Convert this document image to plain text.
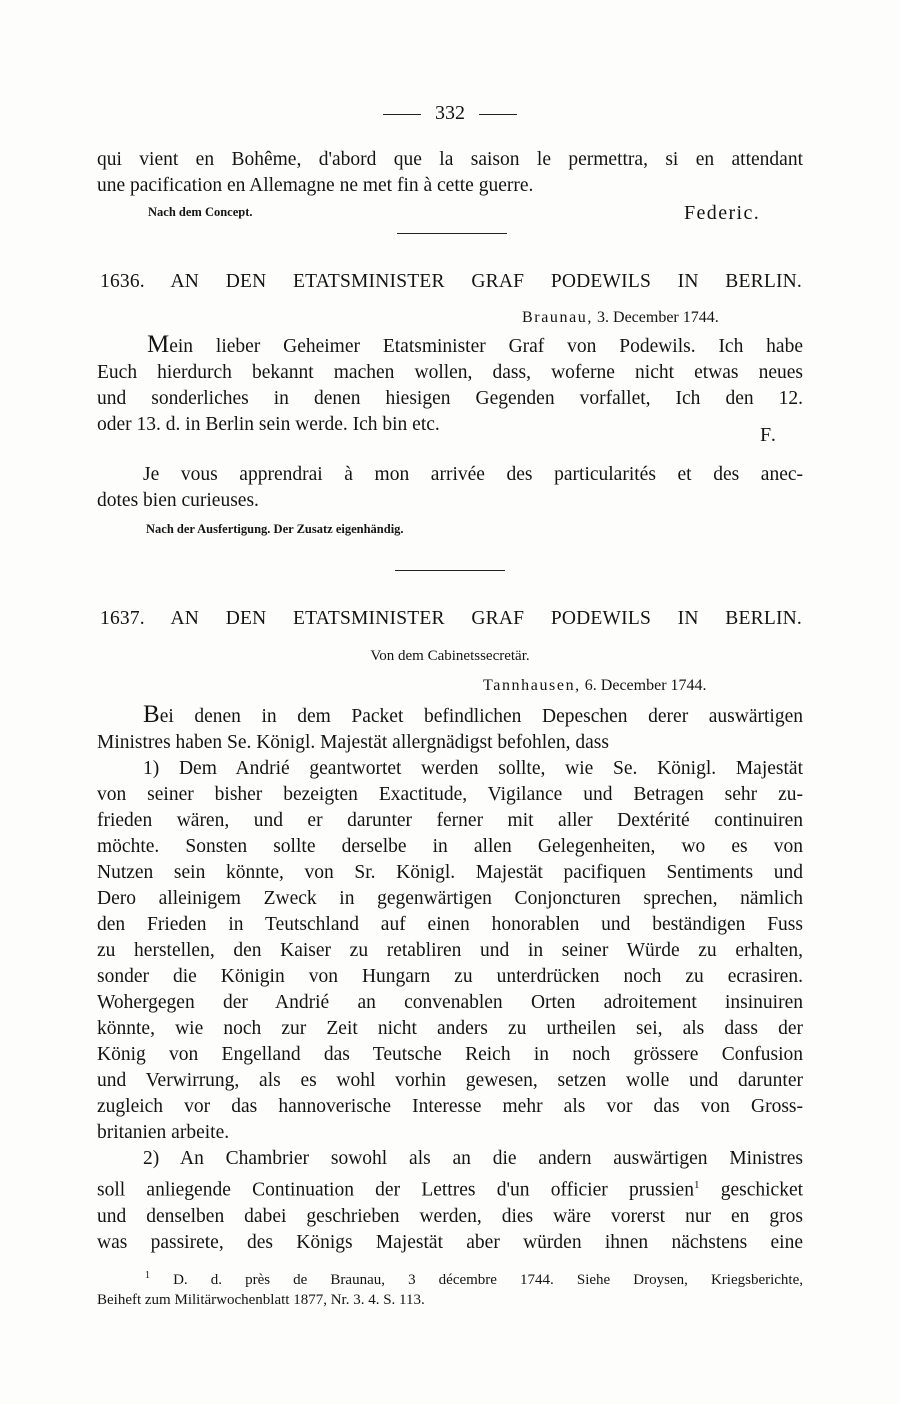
332

qui vient en Bohême, d'abord que la saison le permettra, si en attendant

une pacification en Allemagne ne met fin à cette guerre.

Nach dem Concept.	Federic.
1636. AN DEN ETATSMINISTER GRAF PODEWILS IN BERLIN.
Braunau, 3. December 1744.

Mein lieber Geheimer Etatsminister Graf von Podewils. Ich habe

Euch hierdurch bekannt machen wollen, dass, woferne nicht etwas neues

und sonderliches in denen hiesigen Gegenden vorfallet, Ich den 12.

oder 13. d. in Berlin sein werde. Ich bin etc.	F.

Je vous apprendrai à mon arrivée des particularités et des anec-

dotes bien curieuses.

Nach der Ausfertigung. Der Zusatz eigenhändig.
1637. AN DEN ETATSMINISTER GRAF PODEWILS IN BERLIN.
Von dem Cabinetssecretär.
Tannhausen, 6. December 1744.

Bei denen in dem Packet befindlichen Depeschen derer auswärtigen

Ministres haben Se. Königl. Majestät allergnädigst befohlen, dass

1) Dem Andrié geantwortet werden sollte, wie Se. Königl. Majestät

von seiner bisher bezeigten Exactitude, Vigilance und Betragen sehr zu-

frieden wären, und er darunter ferner mit aller Dextérité continuiren

möchte. Sonsten sollte derselbe in allen Gelegenheiten, wo es von

Nutzen sein könnte, von Sr. Königl. Majestät pacifiquen Sentiments und

Dero alleinigem Zweck in gegenwärtigen Conjoncturen sprechen, nämlich

den Frieden in Teutschland auf einen honorablen und beständigen Fuss

zu herstellen, den Kaiser zu retabliren und in seiner Würde zu erhalten,

sonder die Königin von Hungarn zu unterdrücken noch zu ecrasiren.

Wohergegen der Andrié an convenablen Orten adroitement insinuiren

könnte, wie noch zur Zeit nicht anders zu urtheilen sei, als dass der

König von Engelland das Teutsche Reich in noch grössere Confusion

und Verwirrung, als es wohl vorhin gewesen, setzen wolle und darunter

zugleich vor das hannoverische Interesse mehr als vor das von Gross-

britanien arbeite.

2) An Chambrier sowohl als an die andern auswärtigen Ministres

soll anliegende Continuation der Lettres d'un officier prussien$^1$ geschicket

und denselben dabei geschrieben werden, dies wäre vorerst nur en gros

was passirete, des Königs Majestät aber würden ihnen nächstens eine

$^1$ D. d. près de Braunau, 3 décembre 1744. Siehe Droysen, Kriegsberichte,

Beiheft zum Militärwochenblatt 1877, Nr. 3. 4. S. 113.
